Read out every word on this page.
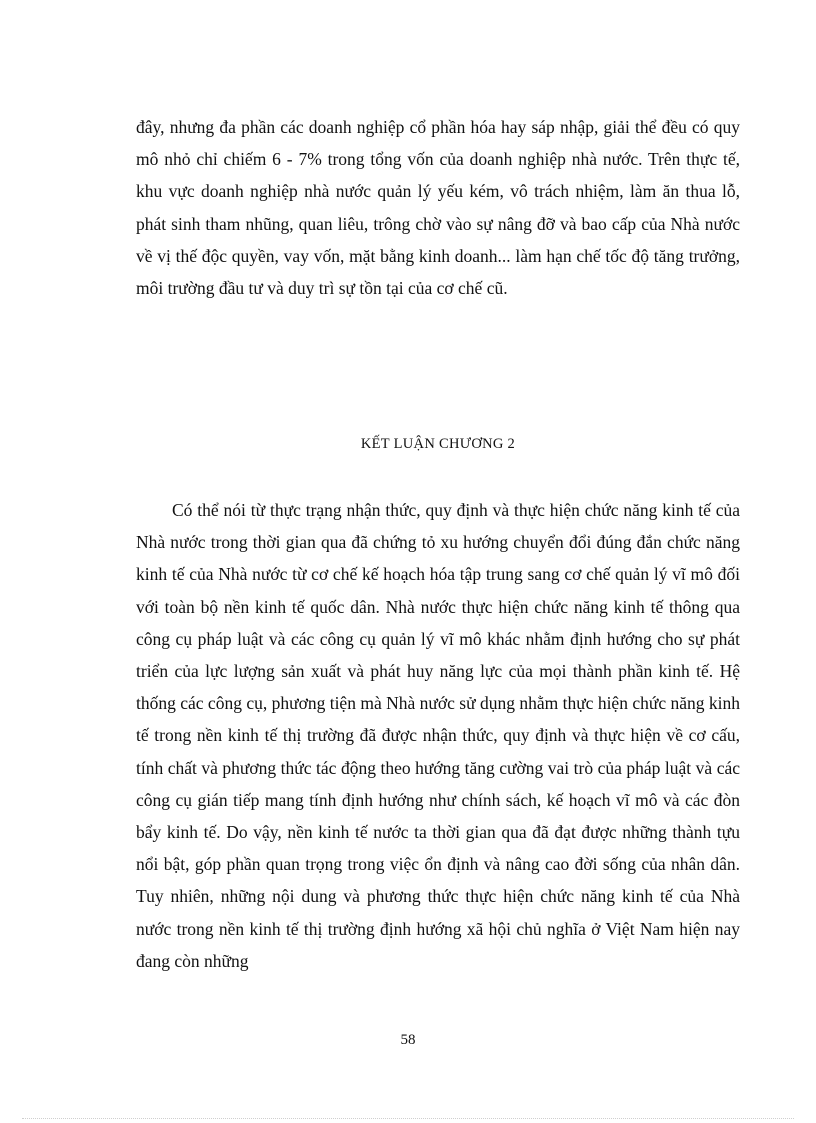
đây, nhưng đa phần các doanh nghiệp cổ phần hóa hay sáp nhập, giải thể đều có quy mô nhỏ chỉ chiếm 6 - 7% trong tổng vốn của doanh nghiệp nhà nước. Trên thực tế, khu vực doanh nghiệp nhà nước quản lý yếu kém, vô trách nhiệm, làm ăn thua lỗ, phát sinh tham nhũng, quan liêu, trông chờ vào sự nâng đỡ và bao cấp của Nhà nước về vị thế độc quyền, vay vốn, mặt bằng kinh doanh... làm hạn chế tốc độ tăng trưởng, môi trường đầu tư và duy trì sự tồn tại của cơ chế cũ.

KẾT LUẬN CHƯƠNG 2

Có thể nói từ thực trạng nhận thức, quy định và thực hiện chức năng kinh tế của Nhà nước trong thời gian qua đã chứng tỏ xu hướng chuyển đổi đúng đắn chức năng kinh tế của Nhà nước từ cơ chế kế hoạch hóa tập trung sang cơ chế quản lý vĩ mô đối với toàn bộ nền kinh tế quốc dân. Nhà nước thực hiện chức năng kinh tế thông qua công cụ pháp luật và các công cụ quản lý vĩ mô khác nhằm định hướng cho sự phát triển của lực lượng sản xuất và phát huy năng lực của mọi thành phần kinh tế. Hệ thống các công cụ, phương tiện mà Nhà nước sử dụng nhằm thực hiện chức năng kinh tế trong nền kinh tế thị trường đã được nhận thức, quy định và thực hiện về cơ cấu, tính chất và phương thức tác động theo hướng tăng cường vai trò của pháp luật và các công cụ gián tiếp mang tính định hướng như chính sách, kế hoạch vĩ mô và các đòn bẩy kinh tế. Do vậy, nền kinh tế nước ta thời gian qua đã đạt được những thành tựu nổi bật, góp phần quan trọng trong việc ổn định và nâng cao đời sống của nhân dân. Tuy nhiên, những nội dung và phương thức thực hiện chức năng kinh tế của Nhà nước trong nền kinh tế thị trường định hướng xã hội chủ nghĩa ở Việt Nam hiện nay đang còn những

58
